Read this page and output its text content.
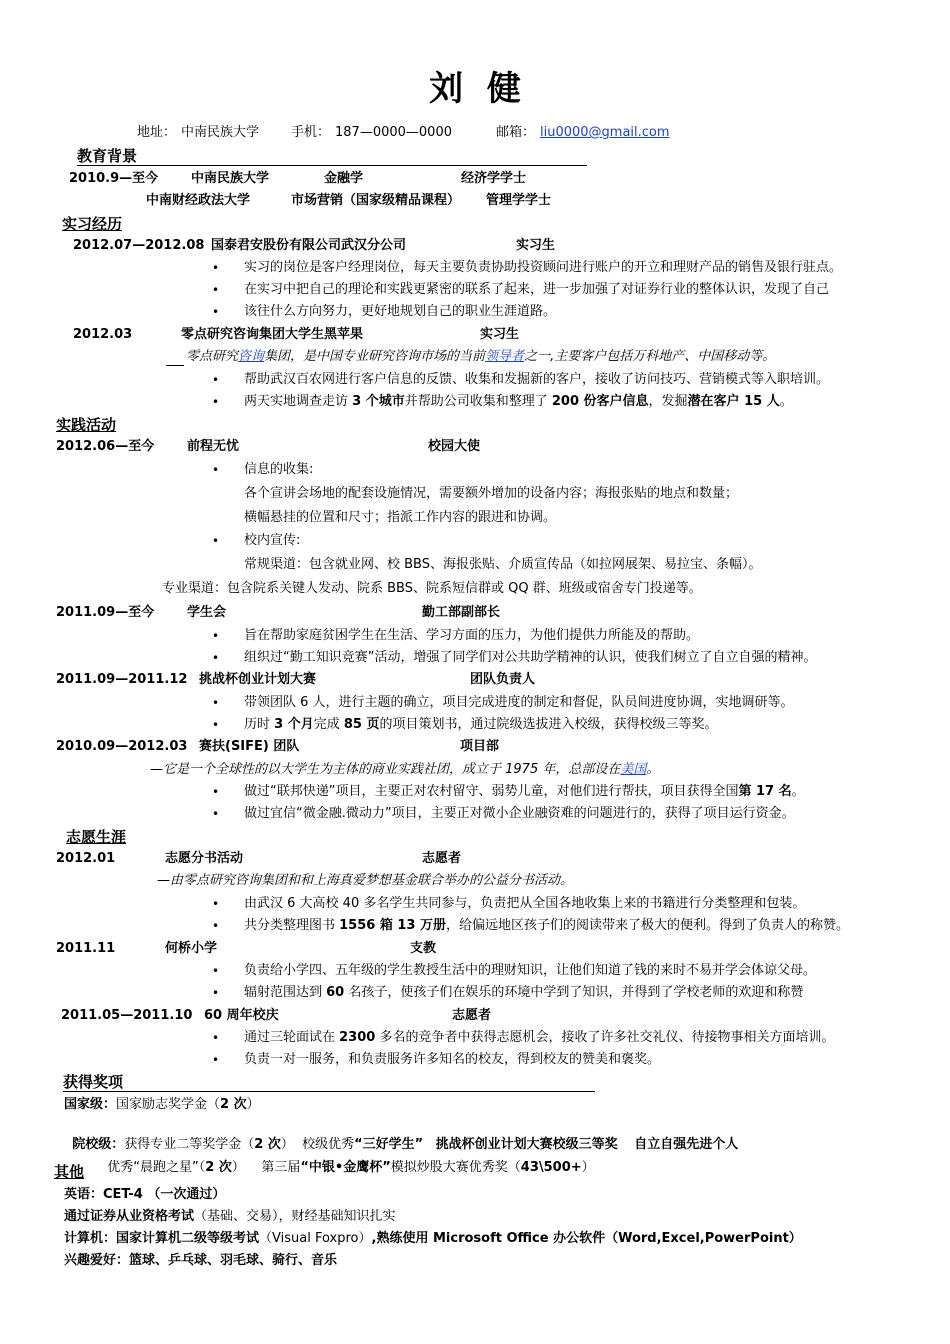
刘  健
地址： 中南民族大学 手机： 187—0000—0000	邮箱： liu0000@gmail.com
教育背景
2010.9—至今	中南民族大学	金融学	经济学学士
中南财经政法大学	市场营销（国家级精品课程） 管理学学士
实习经历
2012.07—2012.08 国泰君安股份有限公司武汉分公司	实习生
• 实习的岗位是客户经理岗位，每天主要负责协助投资顾问进行账户的开立和理财产品的销售及银行驻点。
• 在实习中把自己的理论和实践更紧密的联系了起来，进一步加强了对证券行业的整体认识，发现了自己
• 该往什么方向努力，更好地规划自己的职业生涯道路。
2012.03	零点研究咨询集团大学生黑苹果	实习生
零点研究咨询集团，是中国专业研究咨询市场的当前领导者之一,主要客户包括万科地产、中国移动等。
• 帮助武汉百农网进行客户信息的反馈、收集和发掘新的客户，接收了访问技巧、营销模式等入职培训。
• 两天实地调查走访 3 个城市并帮助公司收集和整理了 200 份客户信息，发掘潜在客户 15 人。
实践活动
2012.06—至今	前程无忧	校园大使
• 信息的收集:
各个宣讲会场地的配套设施情况，需要额外增加的设备内容；海报张贴的地点和数量；
横幅悬挂的位置和尺寸；指派工作内容的跟进和协调。
• 校内宣传:
常规渠道：包含就业网、校 BBS、海报张贴、介质宣传品（如拉网展架、易拉宝、条幅）。
专业渠道：包含院系关键人发动、院系 BBS、院系短信群或 QQ 群、班级或宿舍专门投递等。
2011.09—至今	学生会	勤工部副部长
• 旨在帮助家庭贫困学生在生活、学习方面的压力，为他们提供力所能及的帮助。
• 组织过“勤工知识竞赛”活动，增强了同学们对公共助学精神的认识，使我们树立了自立自强的精神。
2011.09—2011.12 挑战杯创业计划大赛	团队负责人
• 带领团队 6 人，进行主题的确立，项目完成进度的制定和督促，队员间进度协调，实地调研等。
• 历时 3 个月完成 85 页的项目策划书，通过院级选拔进入校级，获得校级三等奖。
2010.09—2012.03 赛扶(SIFE) 团队	项目部
—它是一个全球性的以大学生为主体的商业实践社团，成立于 1975 年，总部设在美国。
• 做过“联邦快递”项目，主要正对农村留守、弱势儿童，对他们进行帮扶，项目获得全国第 17 名。
• 做过宜信“微金融.微动力”项目，主要正对微小企业融资难的问题进行的，获得了项目运行资金。
志愿生涯
2012.01	志愿分书活动	志愿者
—由零点研究咨询集团和和上海真爱梦想基金联合举办的公益分书活动。
• 由武汉 6 大高校 40 多名学生共同参与，负责把从全国各地收集上来的书籍进行分类整理和包装。
• 共分类整理图书 1556 箱 13 万册，给偏远地区孩子们的阅读带来了极大的便利。得到了负责人的称赞。
2011.11	何桥小学	支教
• 负责给小学四、五年级的学生教授生活中的理财知识，让他们知道了钱的来时不易并学会体谅父母。
• 辐射范围达到 60 名孩子，使孩子们在娱乐的环境中学到了知识，并得到了学校老师的欢迎和称赞
2011.05—2011.10 60 周年校庆	志愿者
• 通过三轮面试在 2300 多名的竞争者中获得志愿机会，接收了许多社交礼仪、待接物事相关方面培训。
• 负责一对一服务，和负责服务许多知名的校友，得到校友的赞美和褒奖。
获得奖项
国家级：国家励志奖学金（2 次）

院校级：获得专业二等奖学金（2 次）  校级优秀“三好学生” 挑战杯创业计划大赛校级三等奖 自立自强先进个人

优秀“晨跑之星”（2 次）    第三届“中银•金鹰杯”模拟炒股大赛优秀奖（43\500+）

其他
英语：CET-4 （一次通过）
通过证券从业资格考试（基础、交易），财经基础知识扎实
计算机：国家计算机二级等级考试（Visual Foxpro）,熟练使用 Microsoft Office 办公软件（Word,Excel,PowerPoint）
兴趣爱好：篮球、乒乓球、羽毛球、骑行、音乐
